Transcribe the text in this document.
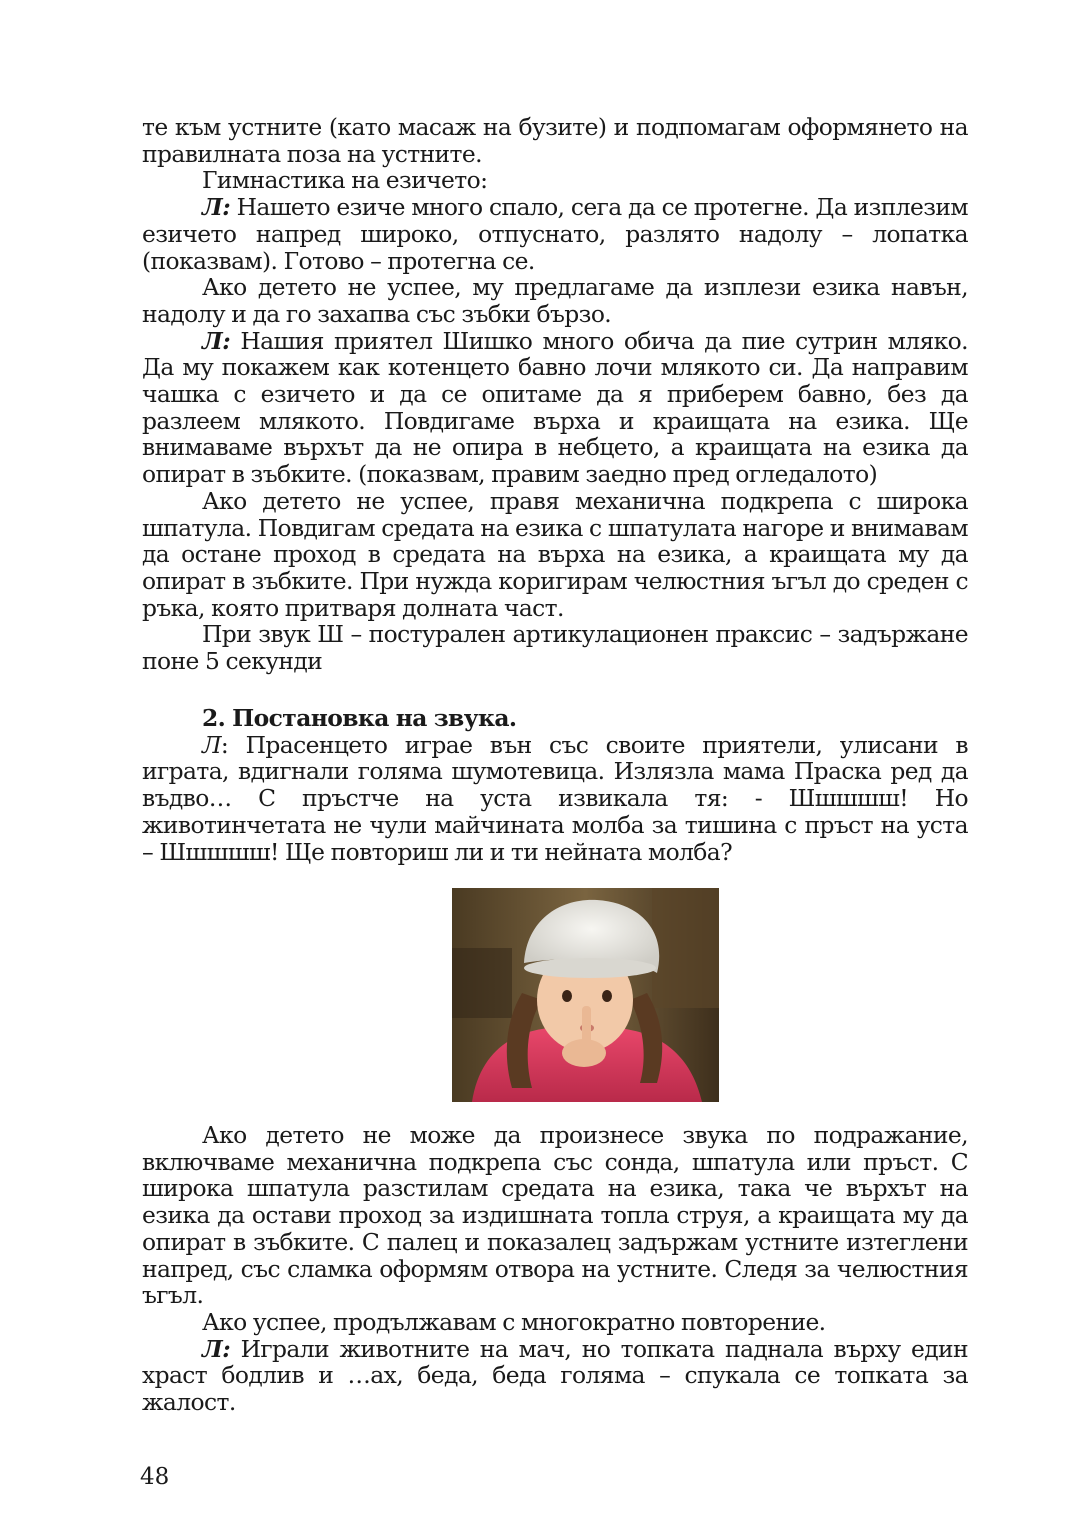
те към устните (като масаж на бузите) и подпомагам оформянето на правилната поза на устните.

Гимнастика на езичето:

Л: Нашето езиче много спало, сега да се протегне. Да изплезим езичето напред широко, отпуснато, разлято надолу – лопатка (показвам). Готово – протегна се.

Ако детето не успее, му предлагаме да изплези езика навън, надолу и да го захапва със зъбки бързо.

Л: Нашия приятел Шишко много обича да пие сутрин мляко. Да му покажем как котенцето бавно лочи млякото си. Да направим чашка с езичето и да се опитаме да я приберем бавно, без да разлеем млякото. Повдигаме върха и краищата на езика. Ще внимаваме върхът да не опира в небцето, а краищата на езика да опират в зъбките. (показвам, правим заедно пред огледалото)

Ако детето не успее, правя механична подкрепа с широка шпатула. Повдигам средата на езика с шпатулата нагоре и внимавам да остане проход в средата на върха на езика, а краищата му да опират в зъбките. При нужда коригирам челюстния ъгъл до среден с ръка, която притваря долната част.

При звук Ш – постурален артикулационен праксис – задържане поне 5 секунди

2. Постановка на звука.

Л: Прасенцето играе вън със своите приятели, улисани в играта, вдигнали голяма шумотевица. Излязла мама Праска ред да въдво… С пръстче на уста извикала тя: - Шшшшш! Но животинчетата не чули майчината молба за тишина с пръст на уста – Шшшшш! Ще повториш ли и ти нейната молба?

Ако детето не може да произнесе звука по подражание, включваме механична подкрепа със сонда, шпатула или пръст. С широка шпатула разстилам средата на езика, така че върхът на езика да остави проход за издишната топла струя, а краищата му да опират в зъбките. С палец и показалец задържам устните изтеглени напред, със сламка оформям отвора на устните. Следя за челюстния ъгъл.

Ако успее, продължавам с многократно повторение.

Л: Играли животните на мач, но топката паднала върху един храст бодлив и …ах, беда, беда голяма – спукала се топката за жалост.

48
